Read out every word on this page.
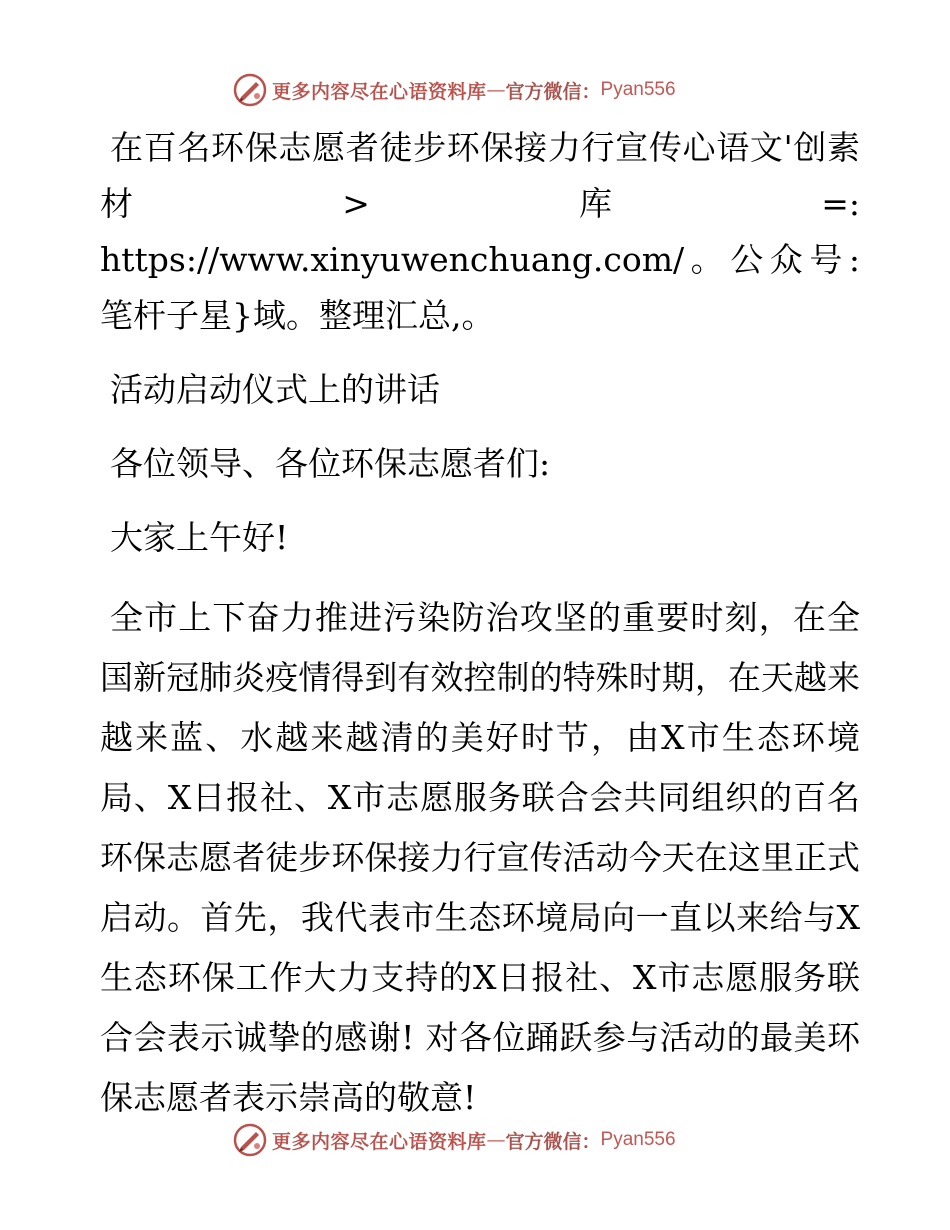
更多内容尽在心语资料库 — 官方微信： Pyan556

在百名环保志愿者徒步环保接力行宣传心语文'创素材>库=: https://www.xinyuwenchuang.com/。公众号: 笔杆子星}域。整理汇总,。

活动启动仪式上的讲话

各位领导、各位环保志愿者们:

大家上午好!

全市上下奋力推进污染防治攻坚的重要时刻，在全国新冠肺炎疫情得到有效控制的特殊时期，在天越来越来蓝、水越来越清的美好时节，由X市生态环境局、X日报社、X市志愿服务联合会共同组织的百名环保志愿者徒步环保接力行宣传活动今天在这里正式启动。首先，我代表市生态环境局向一直以来给与X生态环保工作大力支持的X日报社、X市志愿服务联合会表示诚挚的感谢! 对各位踊跃参与活动的最美环保志愿者表示崇高的敬意!

更多内容尽在心语资料库 — 官方微信： Pyan556
